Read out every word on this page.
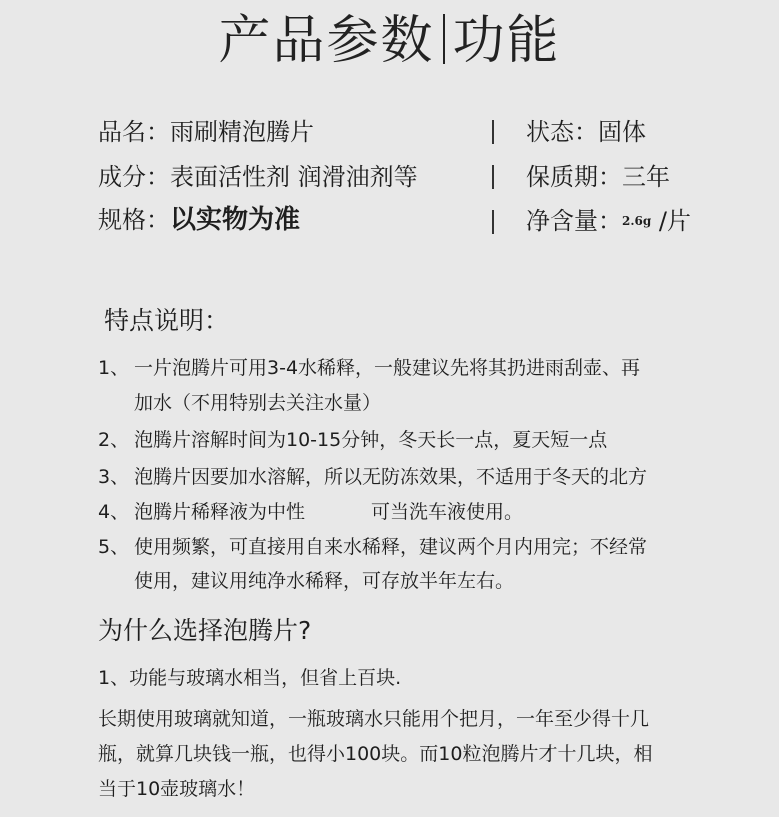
产品参数 功能
品名：雨刷精泡腾片	状态：固体
成分：表面活性剂 润滑油剂等	保质期：三年
规格：以实物为准	净含量：2.6g /片
特点说明：
1、 一片泡腾片可用3-4水稀释，一般建议先将其扔进雨刮壶、再
加水（不用特别去关注水量）
2、 泡腾片溶解时间为10-15分钟，冬天长一点，夏天短一点
3、 泡腾片因要加水溶解，所以无防冻效果，不适用于冬天的北方
4、 泡腾片稀释液为中性	可当洗车液使用。
5、 使用频繁，可直接用自来水稀释，建议两个月内用完；不经常
使用，建议用纯净水稀释，可存放半年左右。
为什么选择泡腾片?
1、功能与玻璃水相当，但省上百块.
长期使用玻璃就知道，一瓶玻璃水只能用个把月，一年至少得十几
瓶，就算几块钱一瓶，也得小100块。而10粒泡腾片才十几块，相
当于10壶玻璃水！
